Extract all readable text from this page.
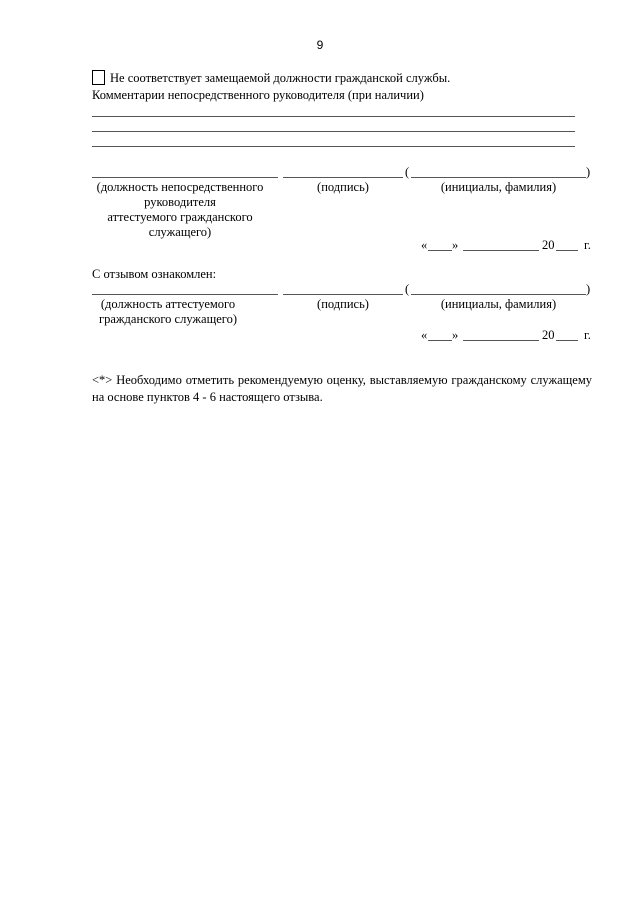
9
Не соответствует замещаемой должности гражданской службы.
Комментарии непосредственного руководителя (при наличии)
(	)
(должность непосредственного
руководителя
аттестуемого гражданского
служащего)
(подпись)	(инициалы, фамилия)
« »	20 г.
С отзывом ознакомлен:
(	)
(должность аттестуемого
гражданского служащего)
(подпись)	(инициалы, фамилия)
« »	20 г.
<*> Необходимо отметить рекомендуемую оценку, выставляемую гражданскому служащему на основе пунктов 4 - 6 настоящего отзыва.
